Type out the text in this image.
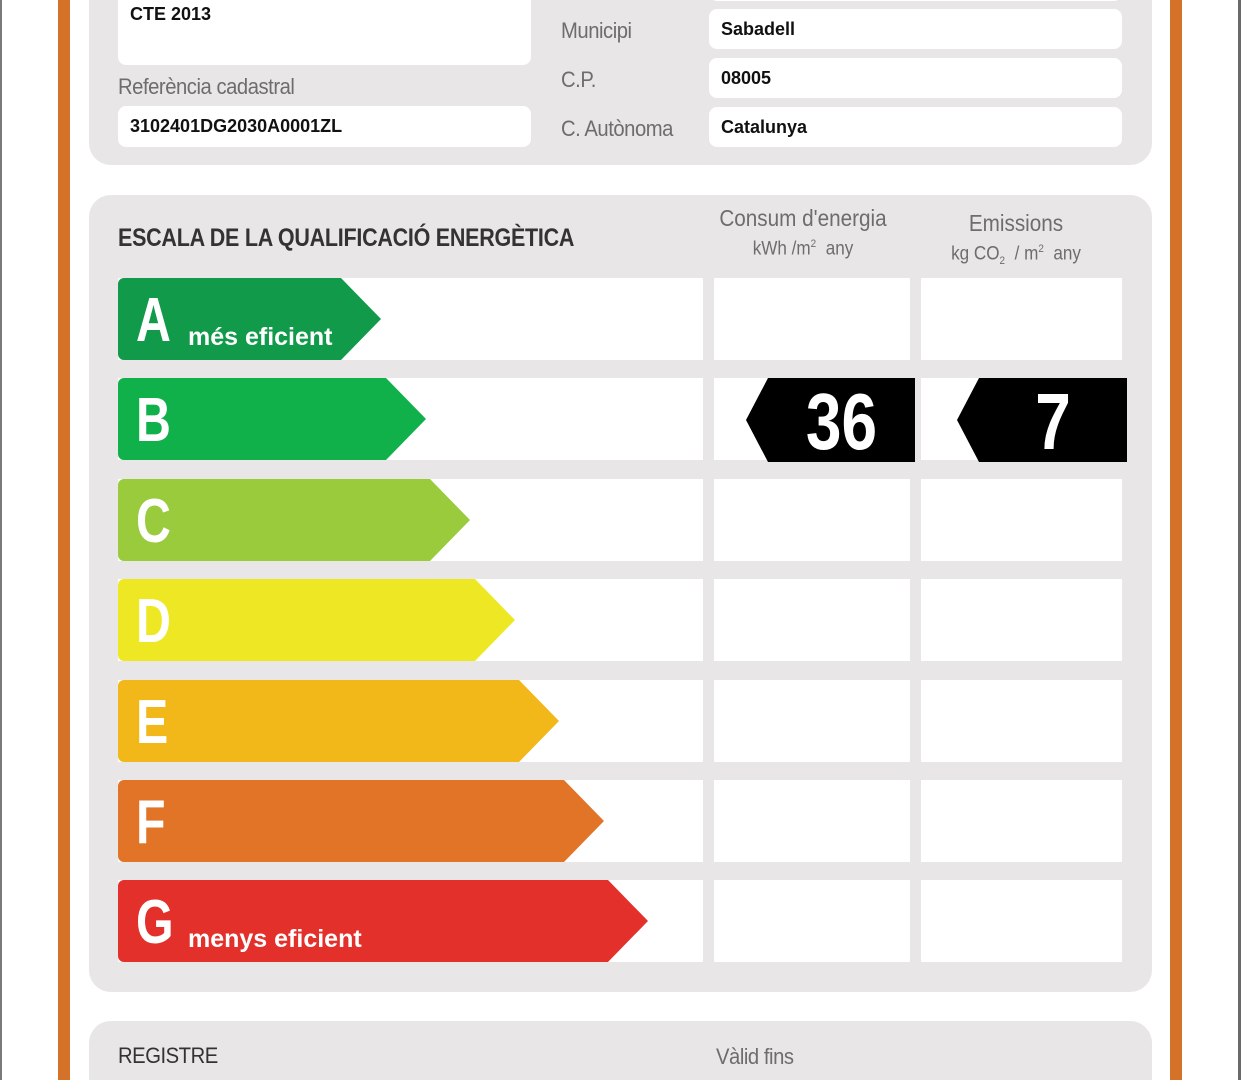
CTE 2013
Referència cadastral
3102401DG2030A0001ZL
Municipi	Sabadell
C.P.	08005
C. Autònoma	Catalunya
ESCALA DE LA QUALIFICACIÓ ENERGÈTICA
Consum d'energia
kWh $/m^2$ any
Emissions
kg $CO_2 / m^2$ any
A més eficient
B	36	7
C
D
E
F
G menys eficient
REGISTRE	Vàlid fins
